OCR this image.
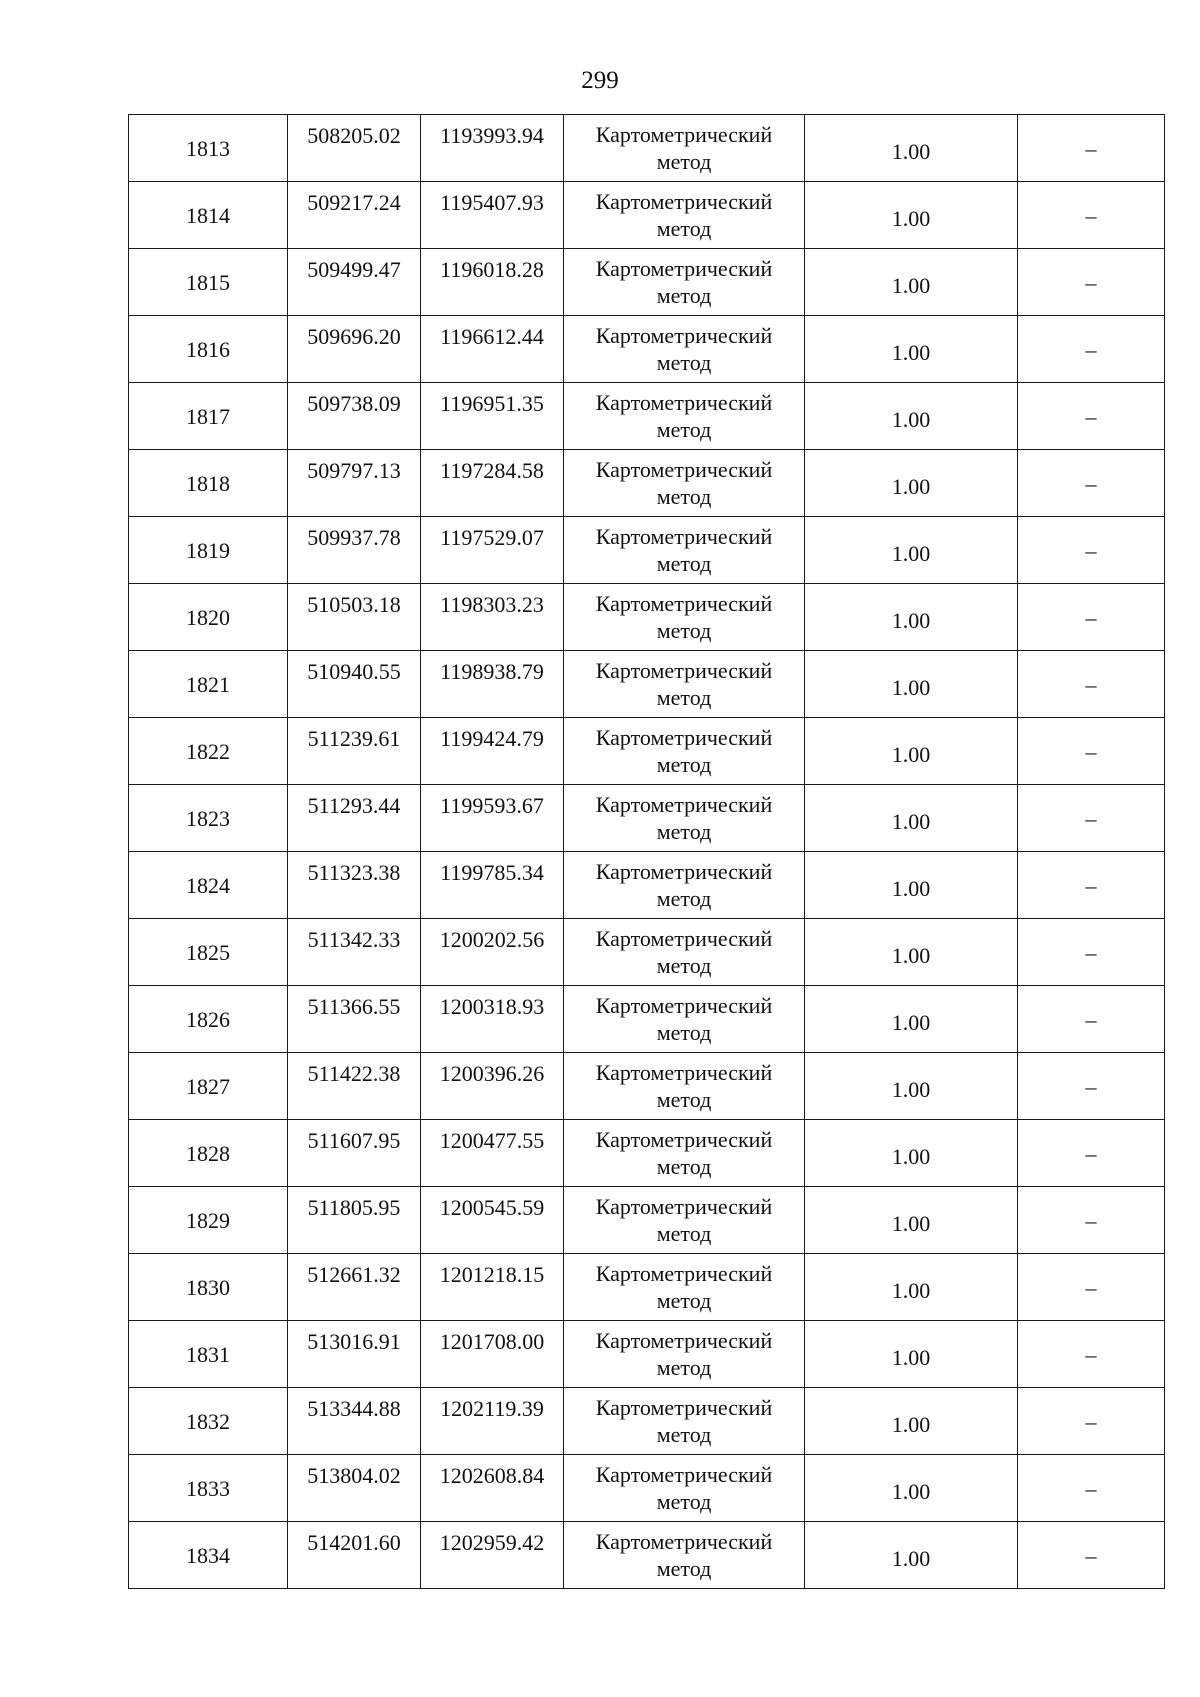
299
1813	508205.02	1193993.94	Картометрический метод	1.00	–
1814	509217.24	1195407.93	Картометрический метод	1.00	–
1815	509499.47	1196018.28	Картометрический метод	1.00	–
1816	509696.20	1196612.44	Картометрический метод	1.00	–
1817	509738.09	1196951.35	Картометрический метод	1.00	–
1818	509797.13	1197284.58	Картометрический метод	1.00	–
1819	509937.78	1197529.07	Картометрический метод	1.00	–
1820	510503.18	1198303.23	Картометрический метод	1.00	–
1821	510940.55	1198938.79	Картометрический метод	1.00	–
1822	511239.61	1199424.79	Картометрический метод	1.00	–
1823	511293.44	1199593.67	Картометрический метод	1.00	–
1824	511323.38	1199785.34	Картометрический метод	1.00	–
1825	511342.33	1200202.56	Картометрический метод	1.00	–
1826	511366.55	1200318.93	Картометрический метод	1.00	–
1827	511422.38	1200396.26	Картометрический метод	1.00	–
1828	511607.95	1200477.55	Картометрический метод	1.00	–
1829	511805.95	1200545.59	Картометрический метод	1.00	–
1830	512661.32	1201218.15	Картометрический метод	1.00	–
1831	513016.91	1201708.00	Картометрический метод	1.00	–
1832	513344.88	1202119.39	Картометрический метод	1.00	–
1833	513804.02	1202608.84	Картометрический метод	1.00	–
1834	514201.60	1202959.42	Картометрический метод	1.00	–
